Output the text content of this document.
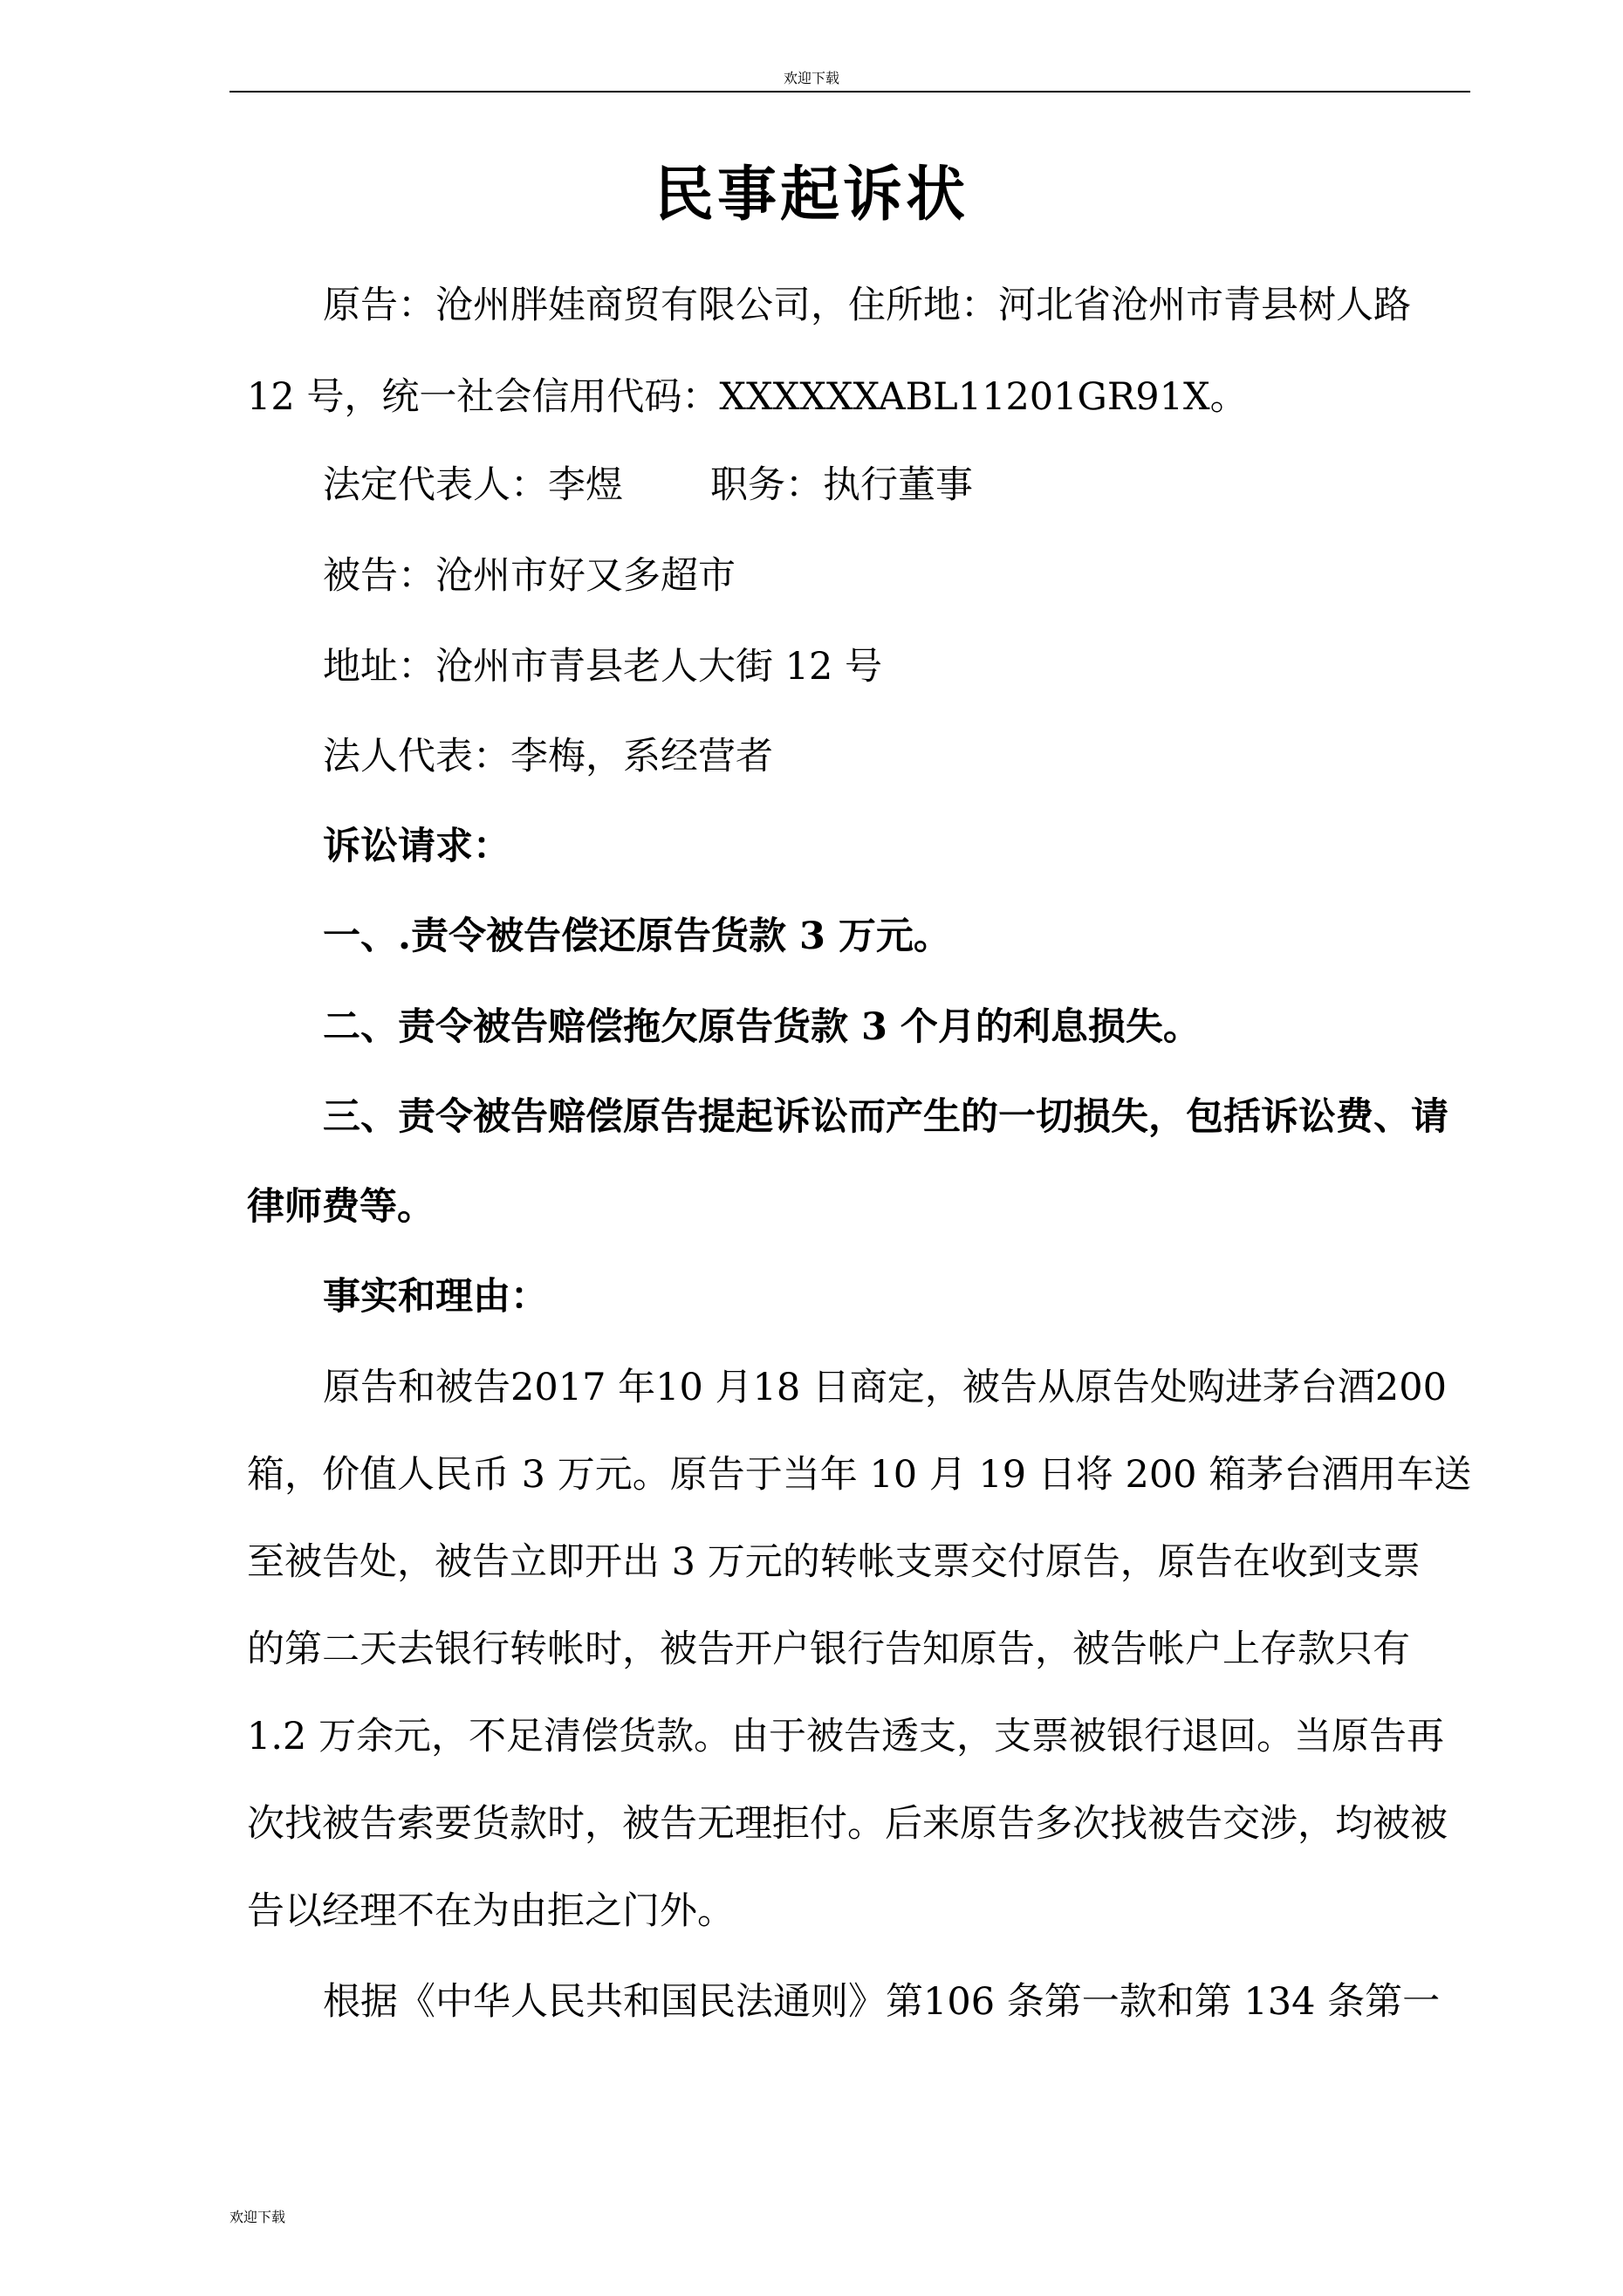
欢迎下载
民事起诉状
原告：沧州胖娃商贸有限公司，住所地：河北省沧州市青县树人路
12 号，统一社会信用代码：XXXXXXABL11201GR91X。
法定代表人：李煜 职务：执行董事
被告：沧州市好又多超市
地址：沧州市青县老人大街 12 号
法人代表：李梅，系经营者
诉讼请求：
一、.责令被告偿还原告货款 3 万元。
二、责令被告赔偿拖欠原告货款 3 个月的利息损失。
三、责令被告赔偿原告提起诉讼而产生的一切损失，包括诉讼费、请
律师费等。
事实和理由：
原告和被告2017 年10 月18 日商定，被告从原告处购进茅台酒200
箱，价值人民币 3 万元。原告于当年 10 月 19 日将 200 箱茅台酒用车送
至被告处，被告立即开出 3 万元的转帐支票交付原告，原告在收到支票
的第二天去银行转帐时，被告开户银行告知原告，被告帐户上存款只有
1.2 万余元，不足清偿货款。由于被告透支，支票被银行退回。当原告再
次找被告索要货款时，被告无理拒付。后来原告多次找被告交涉，均被被
告以经理不在为由拒之门外。
根据《中华人民共和国民法通则》第106 条第一款和第 134 条第一
欢迎下载
